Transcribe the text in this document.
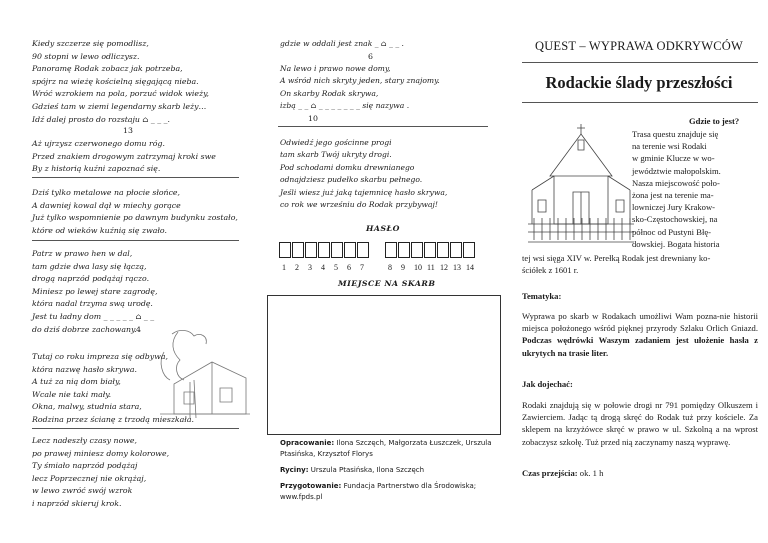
Kiedy szczerze się pomodlisz,
90 stopni w lewo odliczysz.
Panoramę Rodak zobacz jak potrzeba,
spójrz na wieżę kościelną sięgającą nieba.
Wróć wzrokiem na pola, porzuć widok wieży,
Gdzieś tam w ziemi legendarny skarb leży…
Idź dalej prosto do rozstaju ⌂ _ _ _.
13
Aż ujrzysz czerwonego domu róg.
Przed znakiem drogowym zatrzymaj kroki swe
By z historią kuźni zapoznać się.
Dziś tylko metalowe na płocie słońce,
A dawniej kowal dął w miechy gorące
Już tylko wspomnienie po dawnym budynku zostało,
które od wieków kuźnią się zwało.
Patrz w prawo hen w dal,
tam gdzie dwa lasy się łączą,
drogą naprzód podążaj rączo.
Miniesz po lewej stare zagrodę,
która nadal trzyma swą urodę.
Jest tu ładny dom _ _ _ _ _ ⌂ _ _
do dziś dobrze zachowany. 4
Tutaj co roku impreza się odbywa,
która nazwę hasło skrywa.
A tuż za nią dom biały,
Wcale nie taki mały.
Okna, malwy, studnia stara,
Rodzina przez ścianę z trzodą mieszkała.
Lecz nadeszły czasy nowe,
po prawej miniesz domy kolorowe,
Ty śmiało naprzód podążaj
lecz Poprzecznej nie okrążaj,
w lewo zwróć swój wzrok
i naprzód skieruj krok.
gdzie w oddali jest znak _ ⌂ _ _ .
6
Na lewo i prawo nowe domy,
A wśród nich skryty jeden, stary znajomy.
On skarby Rodak skrywa,
izbą _ _ ⌂ _ _ _ _ _ _ _ się nazywa .
10
Odwiedź jego gościnne progi
tam skarb Twój ukryty drogi.
Pod schodami domku drewnianego
odnajdziesz pudełko skarbu pełnego.
Jeśli wiesz już jaką tajemnicę hasło skrywa,
co rok we wrześniu do Rodak przybywaj!
HASŁO
1 2 3 4 5 6 7	8 9 10 11 12 13 14
MIEJSCE NA SKARB
Opracowanie: Ilona Szczęch, Małgorzata Łuszczek, Urszula Ptasińska, Krzysztof Florys
Ryciny: Urszula Ptasińska, Ilona Szczęch
Przygotowanie: Fundacja Partnerstwo dla Środowiska; www.fpds.pl
QUEST – WYPRAWA ODKRYWCÓW
Rodackie ślady przeszłości
Gdzie to jest?
Trasa questu znajduje się
na terenie wsi Rodaki
w gminie Klucze w wo-
jewództwie małopolskim.
Nasza miejscowość poło-
żona jest na terenie ma-
lowniczej Jury Krakow-
sko-Częstochowskiej, na
północ od Pustyni Błę-
dowskiej. Bogata historia
tej wsi sięga XIV w. Perełką Rodak jest drewniany ko-
ściółek z 1601 r.
Tematyka:
Wyprawa po skarb w Rodakach umożliwi Wam pozna-nie historii miejsca położonego wśród pięknej przyrody Szlaku Orlich Gniazd. Podczas wędrówki Waszym zadaniem jest ułożenie hasła z ukrytych na trasie liter.
Jak dojechać:
Rodaki znajdują się w połowie drogi nr 791 pomiędzy Olkuszem i Zawierciem. Jadąc tą drogą skręć do Rodak tuż przy kościele. Za sklepem na krzyżówce skręć w prawo w ul. Szkolną a na wprost zobaczysz szkołę. Tuż przed nią zaczynamy naszą wyprawę.
Czas przejścia: ok. 1 h
